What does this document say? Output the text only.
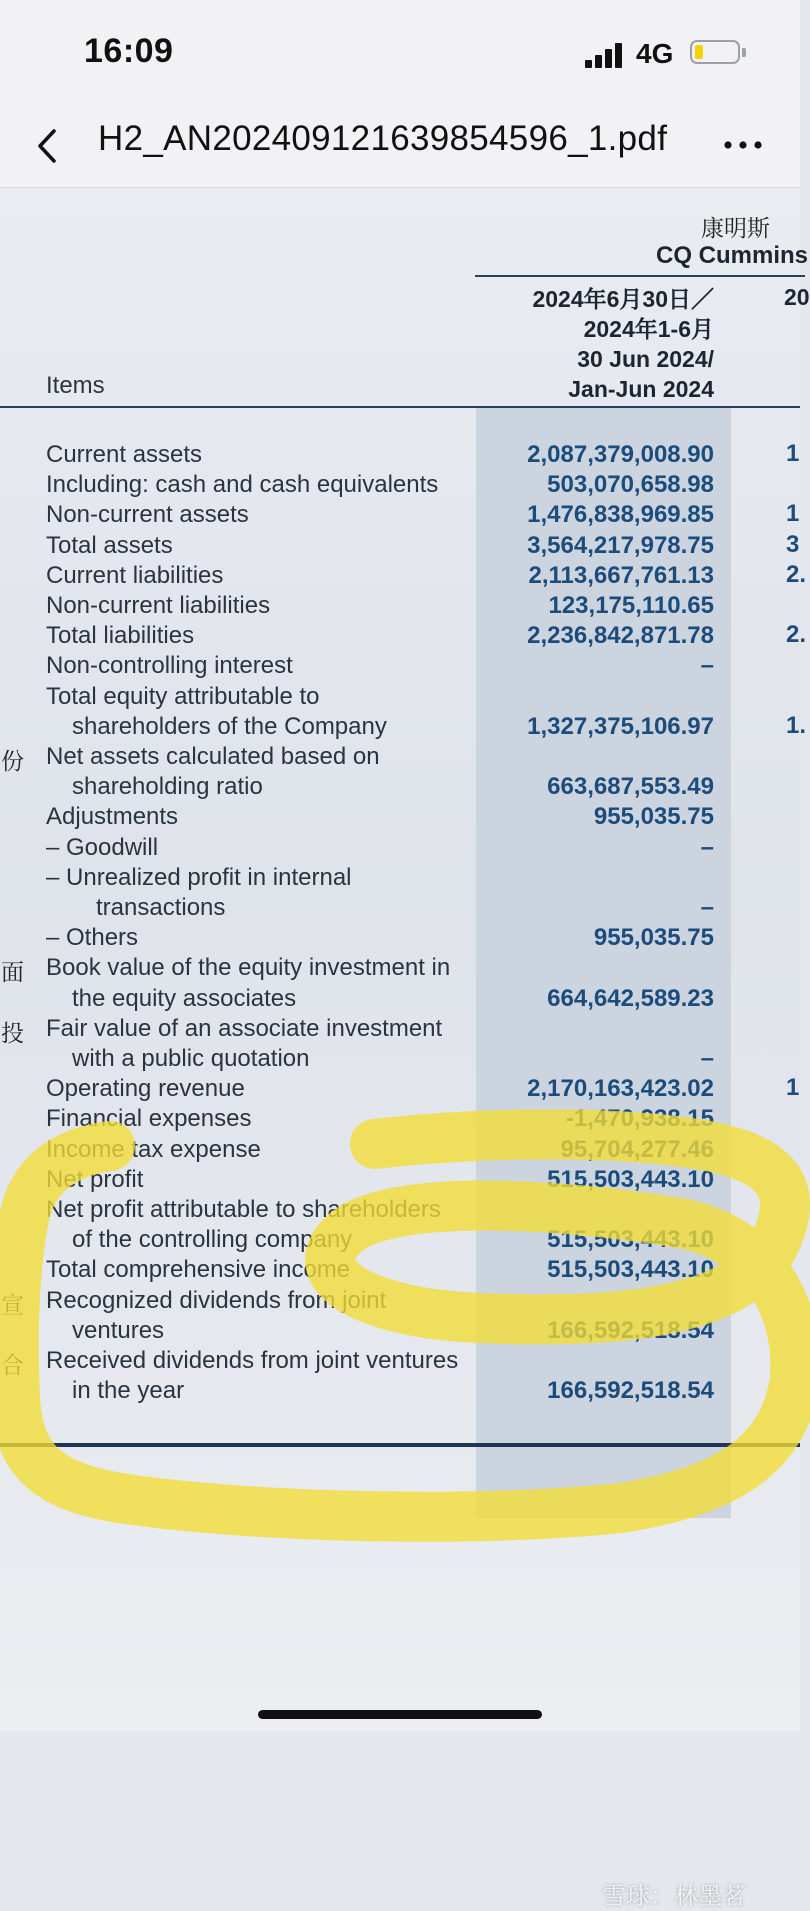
16:09	4G
H2_AN202409121639854596_1.pdf
康明斯
CQ Cummins
2024年6月30日／
2024年1-6月
30 Jun 2024/
Jan-Jun 2024
20
Items
Current assets	2,087,379,008.90	1
Including: cash and cash equivalents	503,070,658.98
Non-current assets	1,476,838,969.85	1
Total assets	3,564,217,978.75	3
Current liabilities	2,113,667,761.13	2.
Non-current liabilities	123,175,110.65
Total liabilities	2,236,842,871.78	2.
Non-controlling interest	–
Total equity attributable to
shareholders of the Company	1,327,375,106.97	1.
份 Net assets calculated based on
shareholding ratio	663,687,553.49
Adjustments	955,035.75
– Goodwill	–
– Unrealized profit in internal
transactions	–
– Others	955,035.75
面 Book value of the equity investment in
the equity associates	664,642,589.23
投 Fair value of an associate investment
with a public quotation	–
Operating revenue	2,170,163,423.02	1
Financial expenses	-1,470,938.15
Income tax expense	95,704,277.46
Net profit	515,503,443.10
Net profit attributable to shareholders
of the controlling company	515,503,443.10
Total comprehensive income	515,503,443.10
宣 Recognized dividends from joint
ventures	166,592,518.54
合 Received dividends from joint ventures
in the year	166,592,518.54
雪球：林墨茗
